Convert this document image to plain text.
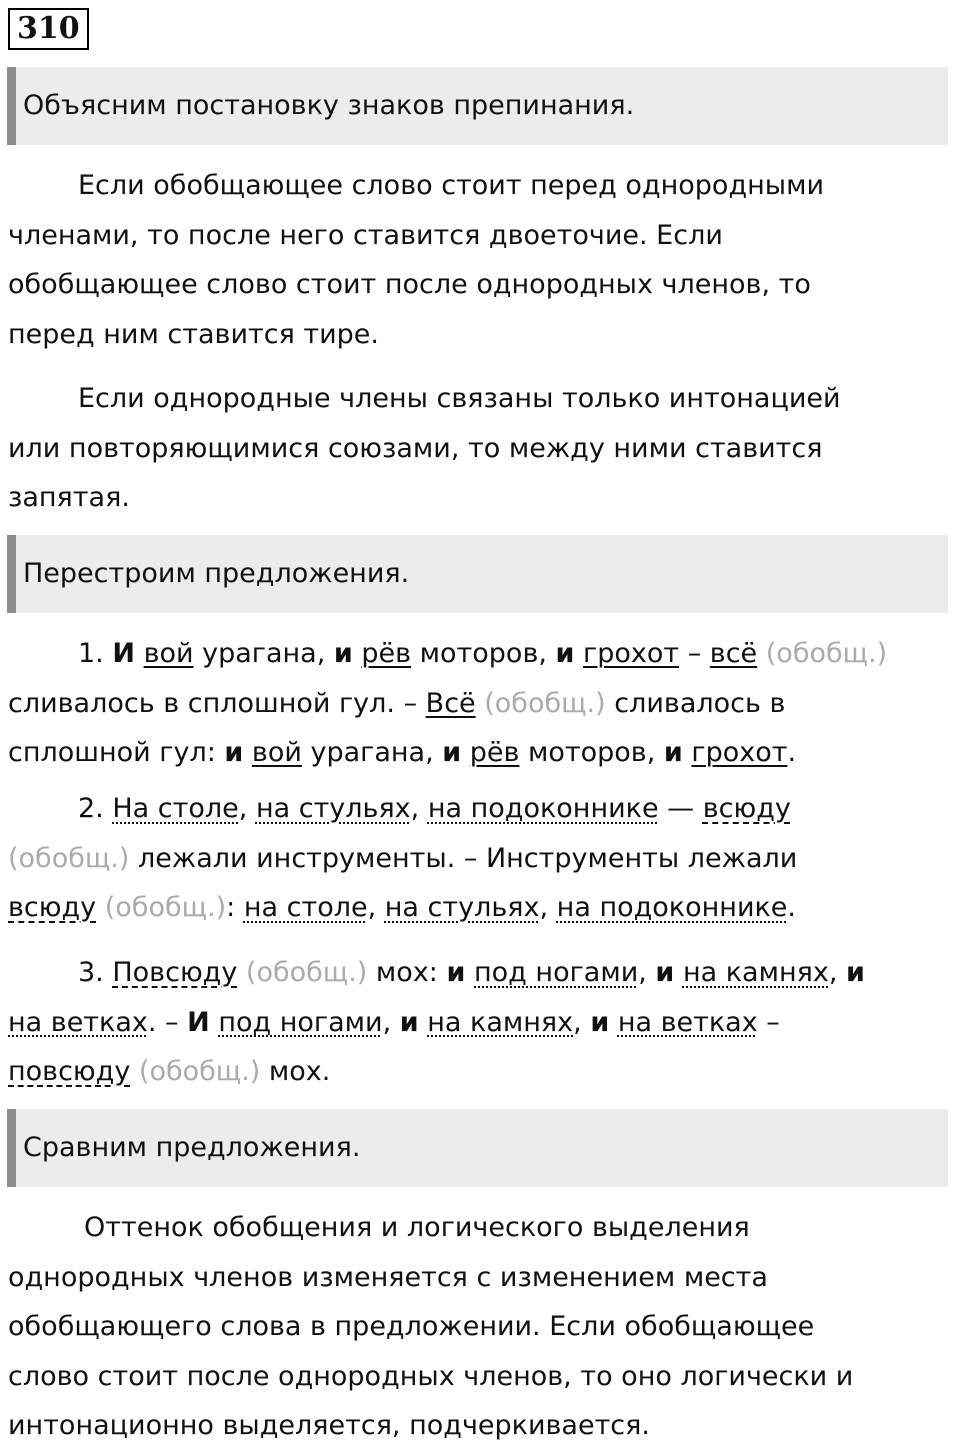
310
Объясним постановку знаков препинания.

Если обобщающее слово стоит перед однородными
членами, то после него ставится двоеточие. Если
обобщающее слово стоит после однородных членов, то
перед ним ставится тире.

Если однородные члены связаны только интонацией
или повторяющимися союзами, то между ними ставится
запятая.

Перестроим предложения.

1. И вой урагана, и рёв моторов, и грохот – всё (обобщ.)
сливалось в сплошной гул. – Всё (обобщ.) сливалось в
сплошной гул: и вой урагана, и рёв моторов, и грохот.

2. На столе, на стульях, на подоконнике — всюду
(обобщ.) лежали инструменты. – Инструменты лежали
всюду (обобщ.): на столе, на стульях, на подоконнике.

3. Повсюду (обобщ.) мох: и под ногами, и на камнях, и
на ветках. – И под ногами, и на камнях, и на ветках –
повсюду (обобщ.) мох.

Сравним предложения.

Оттенок обобщения и логического выделения
однородных членов изменяется с изменением места
обобщающего слова в предложении. Если обобщающее
слово стоит после однородных членов, то оно логически и
интонационно выделяется, подчеркивается.
